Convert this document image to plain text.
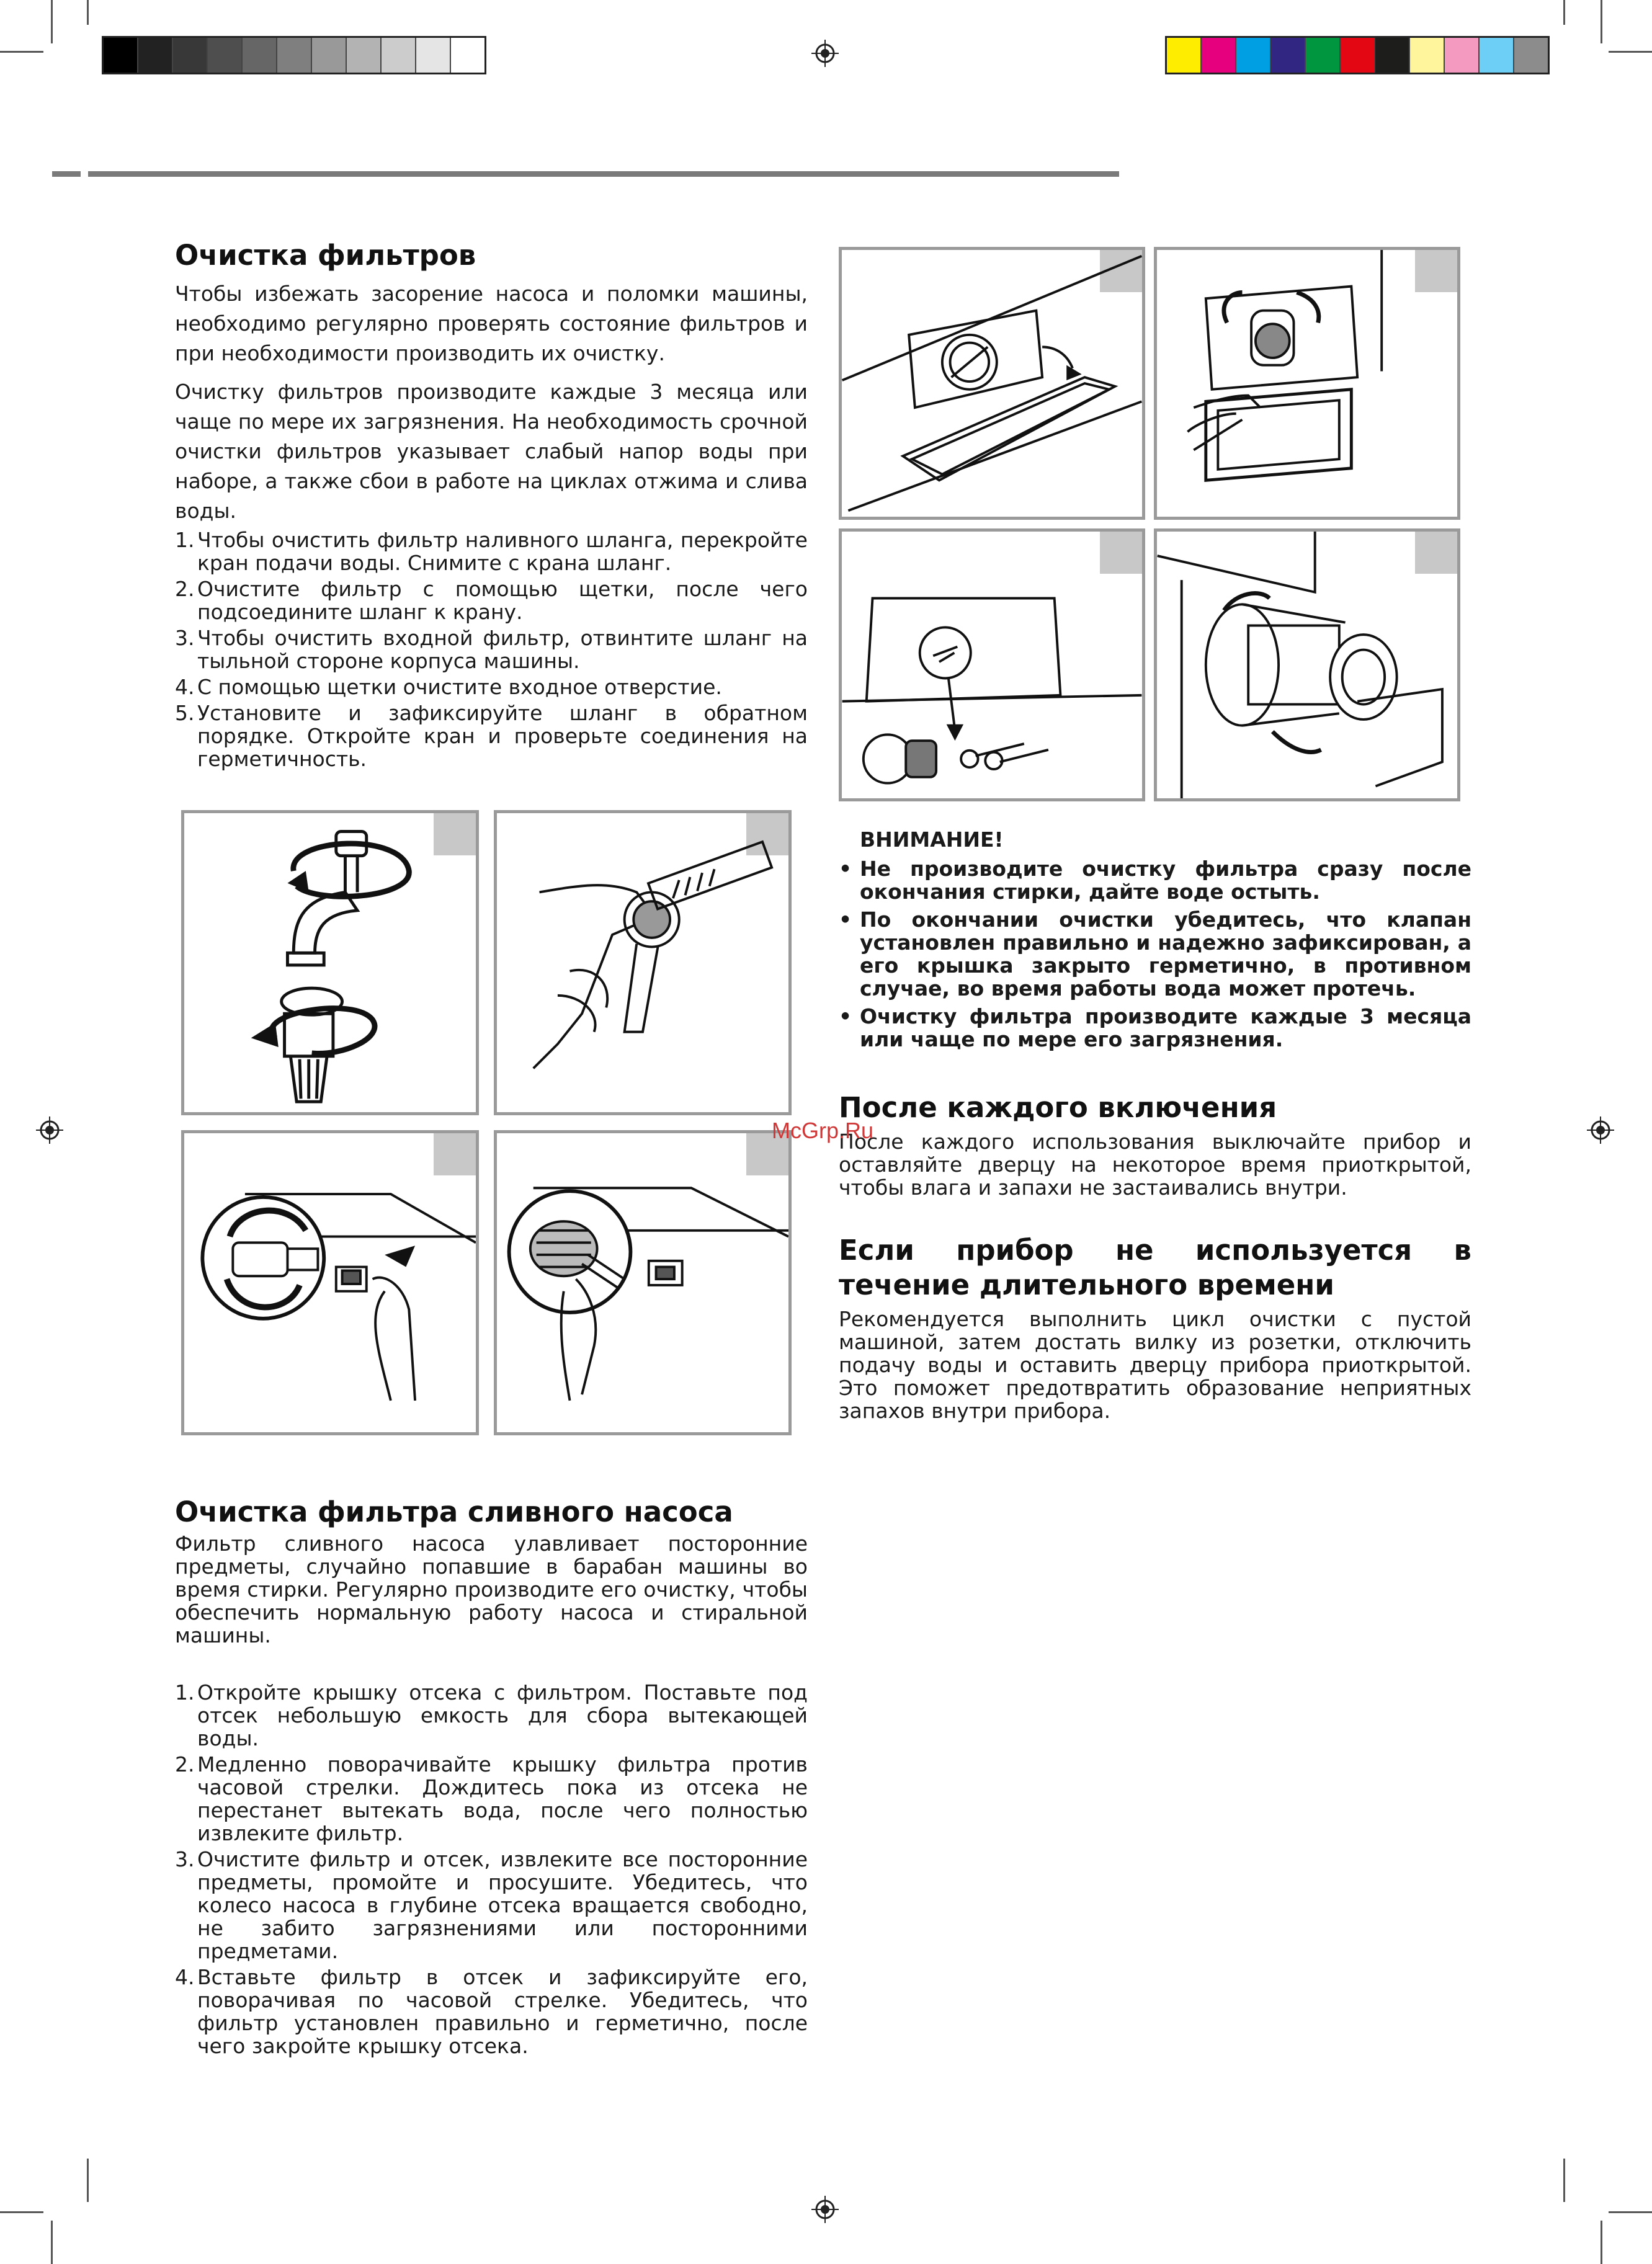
Очистка фильтров

Чтобы избежать засорение насоса и поломки машины, необходимо регулярно проверять состояние фильтров и при необходимости производить их очистку.

Очистку фильтров производите каждые 3 месяца или чаще по мере их загрязнения. На необходимость срочной очистки фильтров указывает слабый напор воды при наборе, а также сбои в работе на циклах отжима и слива воды.

1. Чтобы очистить фильтр наливного шланга, перекройте кран подачи воды. Снимите с крана шланг.
2. Очистите фильтр с помощью щетки, после чего подсоедините шланг к крану.
3. Чтобы очистить входной фильтр, отвинтите шланг на тыльной стороне корпуса машины.
4. С помощью щетки очистите входное отверстие.
5. Установите и зафиксируйте шланг в обратном порядке. Откройте кран и проверьте соединения на герметичность.
Очистка фильтра сливного насоса

Фильтр сливного насоса улавливает посторонние предметы, случайно попавшие в барабан машины во время стирки. Регулярно производите его очистку, чтобы обеспечить нормальную работу насоса и стиральной машины.

1. Откройте крышку отсека с фильтром. Поставьте под отсек небольшую емкость для сбора вытекающей воды.
2. Медленно поворачивайте крышку фильтра против часовой стрелки. Дождитесь пока из отсека не перестанет вытекать вода, после чего полностью извлеките фильтр.
3. Очистите фильтр и отсек, извлеките все посторонние предметы, промойте и просушите. Убедитесь, что колесо насоса в глубине отсека вращается свободно, не забито загрязнениями или посторонними предметами.
4. Вставьте фильтр в отсек и зафиксируйте его, поворачивая по часовой стрелке. Убедитесь, что фильтр установлен правильно и герметично, после чего закройте крышку отсека.
ВНИМАНИЕ!
• Не производите очистку фильтра сразу после окончания стирки, дайте воде остыть.
• По окончании очистки убедитесь, что клапан установлен правильно и надежно зафиксирован, а его крышка закрыто герметично, в противном случае, во время работы вода может протечь.
• Очистку фильтра производите каждые 3 месяца или чаще по мере его загрязнения.
После каждого включения

После каждого использования выключайте прибор и оставляйте дверцу на некоторое время приоткрытой, чтобы влага и запахи не застаивались внутри.

McGrp.Ru
Если прибор не используется в течение длительного времени

Рекомендуется выполнить цикл очистки с пустой машиной, затем достать вилку из розетки, отключить подачу воды и оставить дверцу прибора приоткрытой. Это поможет предотвратить образование неприятных запахов внутри прибора.
